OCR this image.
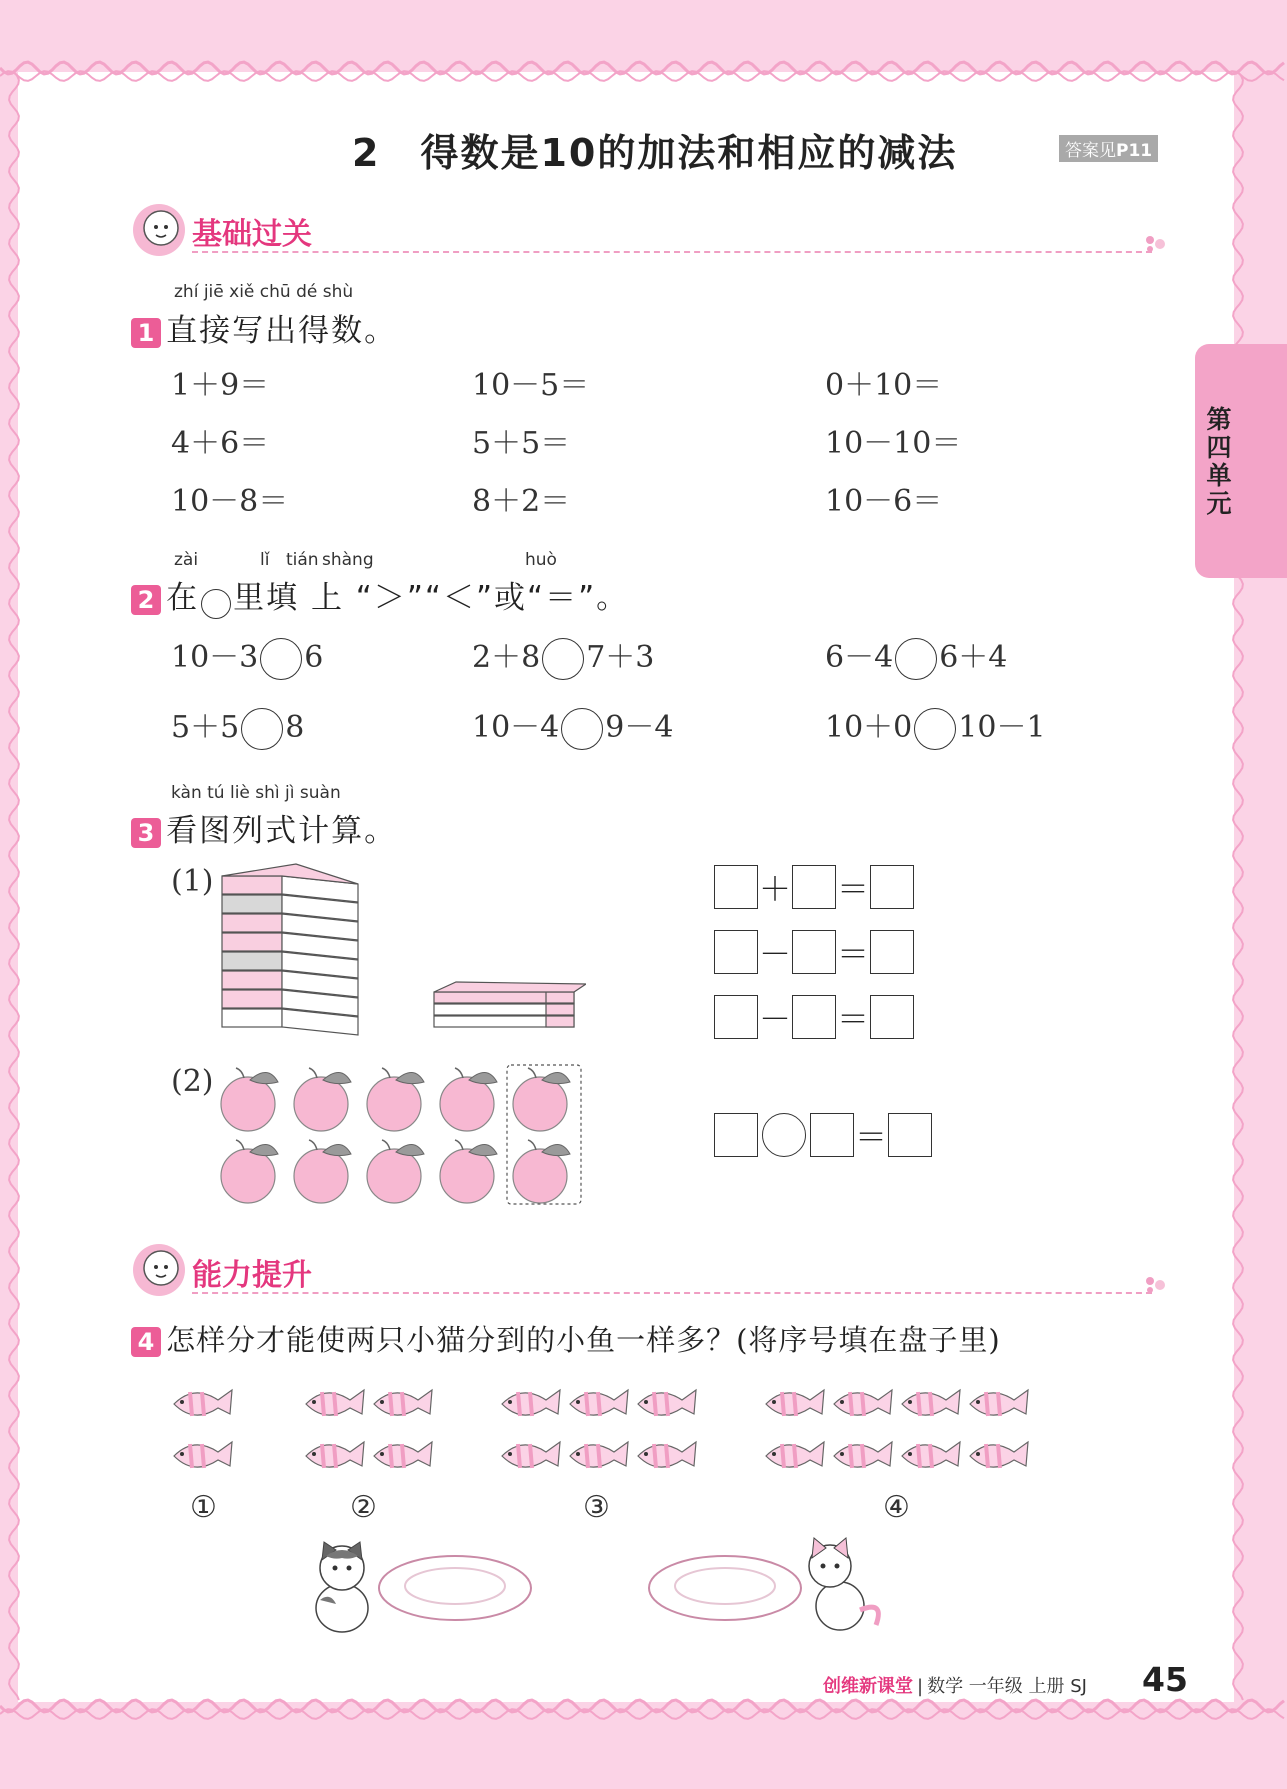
第四单元
2　得数是10的加法和相应的减法	答案见P11
基础过关
zhí jiē xiě chū dé shù
1 直接写出得数。
1＋9＝	10－5＝	0＋10＝
4＋6＝	5＋5＝	10－10＝
10－8＝	8＋2＝	10－6＝
zài	lǐ tián shàng	huò
2 在 里填 上 “＞”“＜”或“＝”。
10－3 6	2＋8 7＋3	6－4 6＋4
5＋5 8	10－4 9－4	10＋0 10－1
kàn tú liè shì jì suàn
3 看图列式计算。
(1)	＋ ＝
－ ＝
－ ＝
(2)
＝
能力提升
4 怎样分才能使两只小猫分到的小鱼一样多？(将序号填在盘子里)
①	②	③	④
创维新课堂 | 数学 一年级 上册 SJ 45
